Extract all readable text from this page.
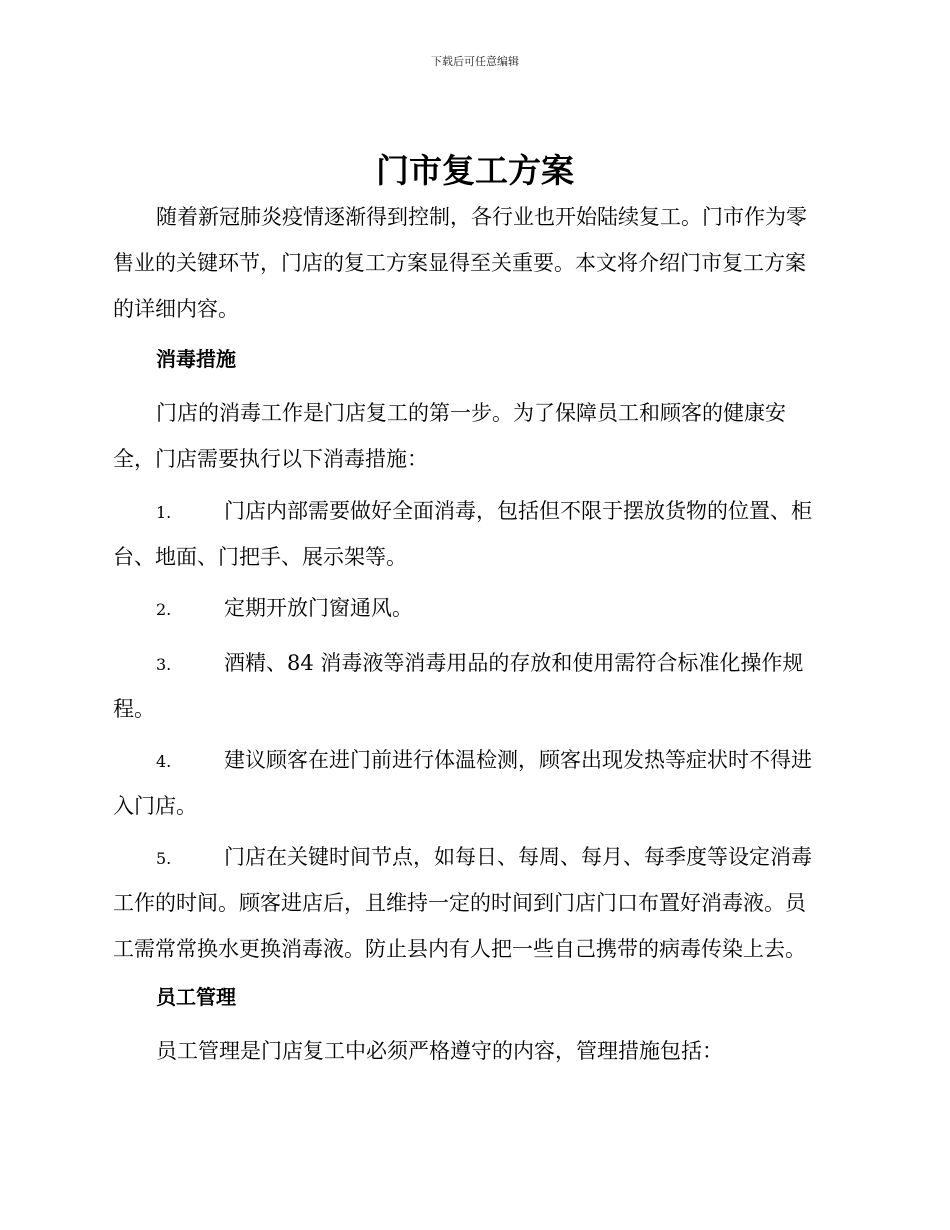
下载后可任意编辑
门市复工方案

随着新冠肺炎疫情逐渐得到控制，各行业也开始陆续复工。门市作为零
售业的关键环节，门店的复工方案显得至关重要。本文将介绍门市复工方案
的详细内容。

消毒措施

门店的消毒工作是门店复工的第一步。为了保障员工和顾客的健康安
全，门店需要执行以下消毒措施：

1.	门店内部需要做好全面消毒，包括但不限于摆放货物的位置、柜
台、地面、门把手、展示架等。
2.	定期开放门窗通风。
3.	酒精、84 消毒液等消毒用品的存放和使用需符合标准化操作规
程。
4.	建议顾客在进门前进行体温检测，顾客出现发热等症状时不得进
入门店。
5.	门店在关键时间节点，如每日、每周、每月、每季度等设定消毒
工作的时间。顾客进店后，且维持一定的时间到门店门口布置好消毒液。员
工需常常换水更换消毒液。防止县内有人把一些自己携带的病毒传染上去。
员工管理

员工管理是门店复工中必须严格遵守的内容，管理措施包括：
